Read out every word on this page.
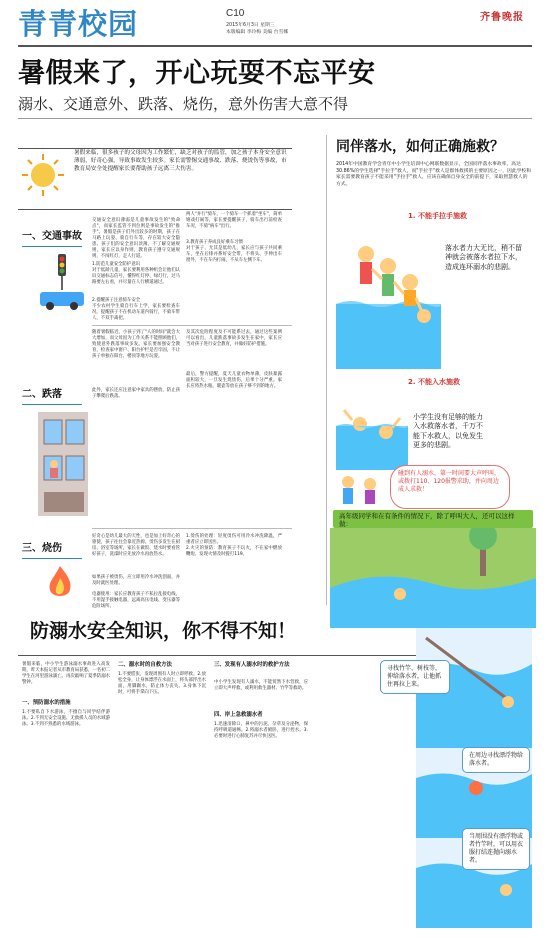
青青校园	C10
2015年6月3日 星期三
本版编辑 李玲梅 美编 台雪娜
齐鲁晚报
暑假来了，开心玩耍不忘平安
溺水、交通意外、跌落、烧伤，意外伤害大意不得
暑假来临，很多孩子的父母因为工作繁忙，缺乏对孩子的监管，加之孩子本身安全意识薄弱，好奇心强，导致事故发生较多。家长需警惕交通事故、跌落、烧烫伤等事故，市教育局安全处提醒家长要帮助孩子远离三大伤害。
一、交通事故
二、跌落
三、烧伤

交通安全意识薄弱是儿童事故发生的"致命点"，而家长监管不到位则是事故发生的"推手"。暑假是孩子们外出较多的时期，孩子在马路上玩耍、骑自行车等，存在较大安全隐患。孩子们的安全意识淡薄，不了解交通规则，家长应以身作则，教育孩子遵守交通规则，不闯红灯，走人行道。

1.防范儿童安全防护意识
对于低龄儿童，家长要利用各种机会让他们认识交通标志信号，懂得红灯停、绿灯行，过马路要左右看，并尽量在人行横道通过。
2.提醒孩子注意骑车安全
不少农村学生骑自行车上学，家长要检查车况，提醒孩子不在机动车道内骑行，不骑车带人，不双手离把。
两人"并行"骑车，一个骑车一个抓着"坐车"，简单嬉戏打闹等，家长要提醒孩子，骑车出行前检查车况，不骑"病车"出行。
3.教育孩子养成良好乘车习惯
对于孩子，尤其是低幼儿，家长应与孩子共同乘车，坐在后排并系好安全带，不将头、手伸出车窗外，不在车内打闹，不从车左侧下车。
随着暑假临近，小孩子到了"人的时间"就会大大增加，而父母因为工作关系不能照顾他们，致使意外跌落事故多发。家长要加强安全教育，检查家中窗户、阳台护栏是否牢固，不让孩子单独在阳台、楼顶等地方玩耍。
此外，家长还应注意家中家具的摆放，防止孩子攀爬后跌落。
及其次危险程度及不可能系过去，通过这些案例可以看出，儿童跌落事故多发生在家中，家长应当对孩子进行安全教育，并做好防护措施。
最后，警方提醒，夏天儿童衣物单薄，皮肤暴露面积较大，一旦发生烧烫伤，后果十分严重。家长应将热水瓶、暖壶等放在孩子够不到的地方。
好奇心是幼儿最大的天性，也是加上好奇心的驱使，孩子往往会靠近热源。烫伤多发生在厨房、浴室等场所，家长在做饭、烧水时要看管好孩子，洗澡时应先放冷水再放热水。
如果孩子被烫伤，应立即用冷水冲洗创面，并及时就医处理。
电器使用：家长应教育孩子不私拉乱接电线，不用湿手接触电器，远离高压电线、变压器等危险场所。
1.烫伤的处理：轻度烫伤可用冷水冲洗降温，严重者应立即送医。
2.火灾的预防：教育孩子不玩火，不在家中燃放鞭炮，发现火情及时拨打119。
同伴落水，如何正确施救？
2014年中国教育学会青年中小学生培训中心网联数据显示，全国同伴落水事故率，高达30.86%的学生选择"手拉手"救人，而"手拉手"救人是群体救援的主要原因之一，因此学校和家长需要教育孩子不能采用"手拉手"救人，应该在确保自身安全的前提下，采取智慧救人的方式。
1. 不能手拉手施救
落水者力大无比，稍不留神就会被落水者拉下水，造成连环溺水的悲剧。
2. 不能入水施救
小学生没有足够的能力入水救落水者，千万不能下水救人，以免发生更多的悲剧。
碰到有人溺水，第一时间要大声呼叫，或拨打110、120报警求助，并向周边成人求救！
高年级同学和在有条件的情况下，除了呼叫大人，还可以这样做：
防溺水安全知识，你不得不知！
暑假来临，中小学生游泳溺水事故进入高发期，昨天本报记者从市教育局获悉，一名初二学生在河里游泳溺亡。再次敲响了夏季防溺水警钟。
一、预防溺水的措施
1.不要私自下水游泳，不擅自与同学结伴游泳。2.不到无安全设施、无救援人员的水域游泳。3.不到不熟悉的水域游泳。
二、溺水时的自救方法
1.不要慌张，发现周围有人时立即呼救。2.放松全身，让身体漂浮在水面上，将头部浮出水面，用脚踢水，防止体力丧失。3.身体下沉时，可将手掌向下压。
三、发现有人溺水时的救护方法
中小学生发现有人溺水，不能贸然下水营救，应立即大声呼救，或利用救生器材、竹竿等救助。
四、岸上急救溺水者
1.迅速清除口、鼻中的污泥、杂草及分泌物，保持呼吸道通畅。2.将溺水者俯卧，进行控水。3.必要时进行心肺复苏并尽快送医。
寻找竹竿、树枝等，伸给落水者，让他抓住再拉上来。
在周边寻找漂浮物给落水者。
当周围没有漂浮物或者竹竿时，可以用衣服打结连抛向溺水者。
